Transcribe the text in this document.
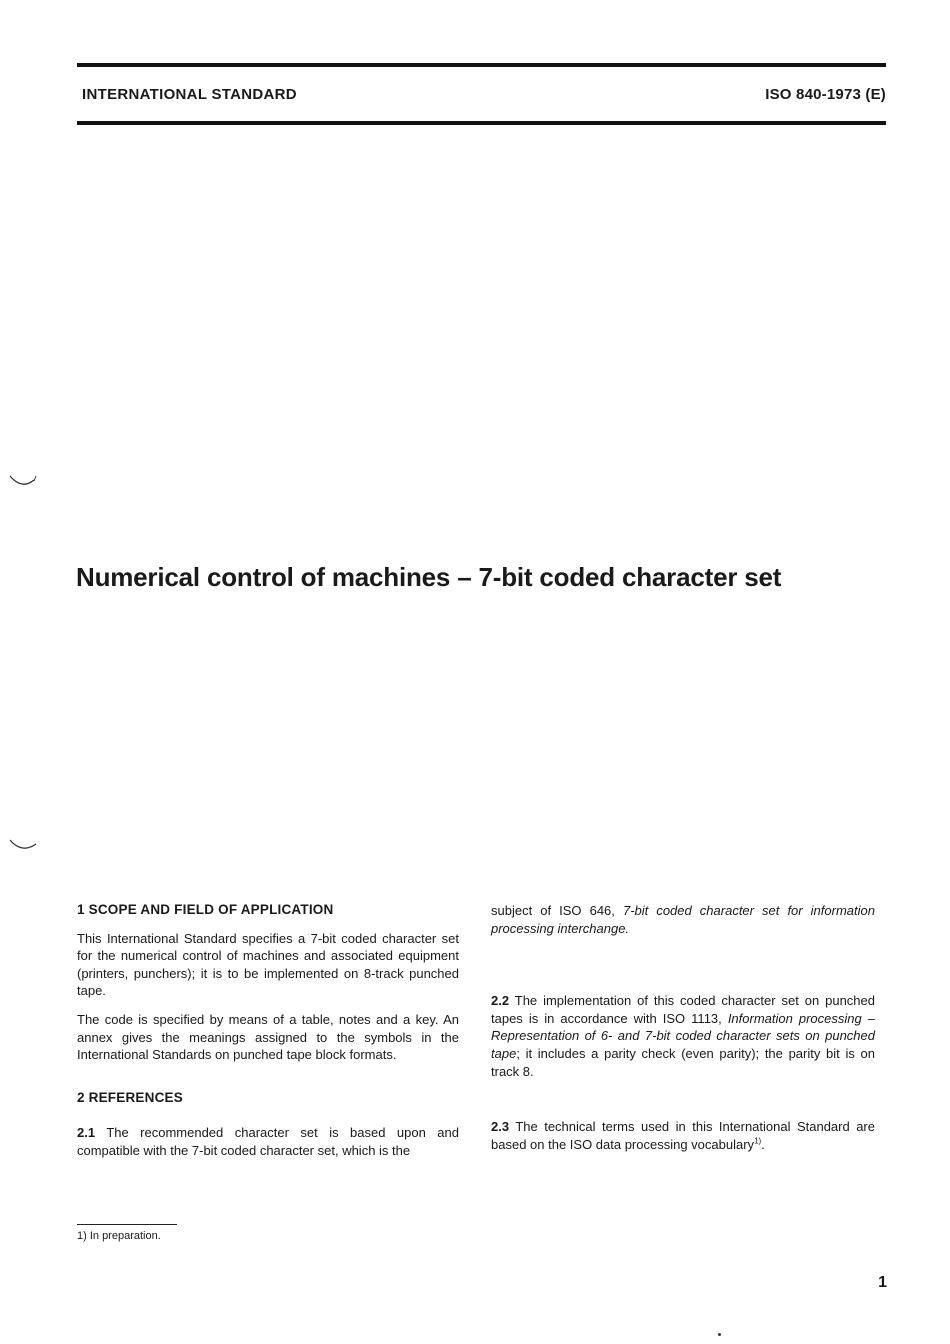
INTERNATIONAL STANDARD	ISO 840-1973 (E)
Numerical control of machines – 7-bit coded character set
1 SCOPE AND FIELD OF APPLICATION

This International Standard specifies a 7-bit coded character set for the numerical control of machines and associated equipment (printers, punchers); it is to be implemented on 8-track punched tape.

The code is specified by means of a table, notes and a key. An annex gives the meanings assigned to the symbols in the International Standards on punched tape block formats.

2 REFERENCES

2.1 The recommended character set is based upon and compatible with the 7-bit coded character set, which is the

subject of ISO 646, 7-bit coded character set for information processing interchange.

2.2 The implementation of this coded character set on punched tapes is in accordance with ISO 1113, Information processing – Representation of 6- and 7-bit coded character sets on punched tape; it includes a parity check (even parity); the parity bit is on track 8.

2.3 The technical terms used in this International Standard are based on the ISO data processing vocabulary$^{1)}$.

1) In preparation.
1
